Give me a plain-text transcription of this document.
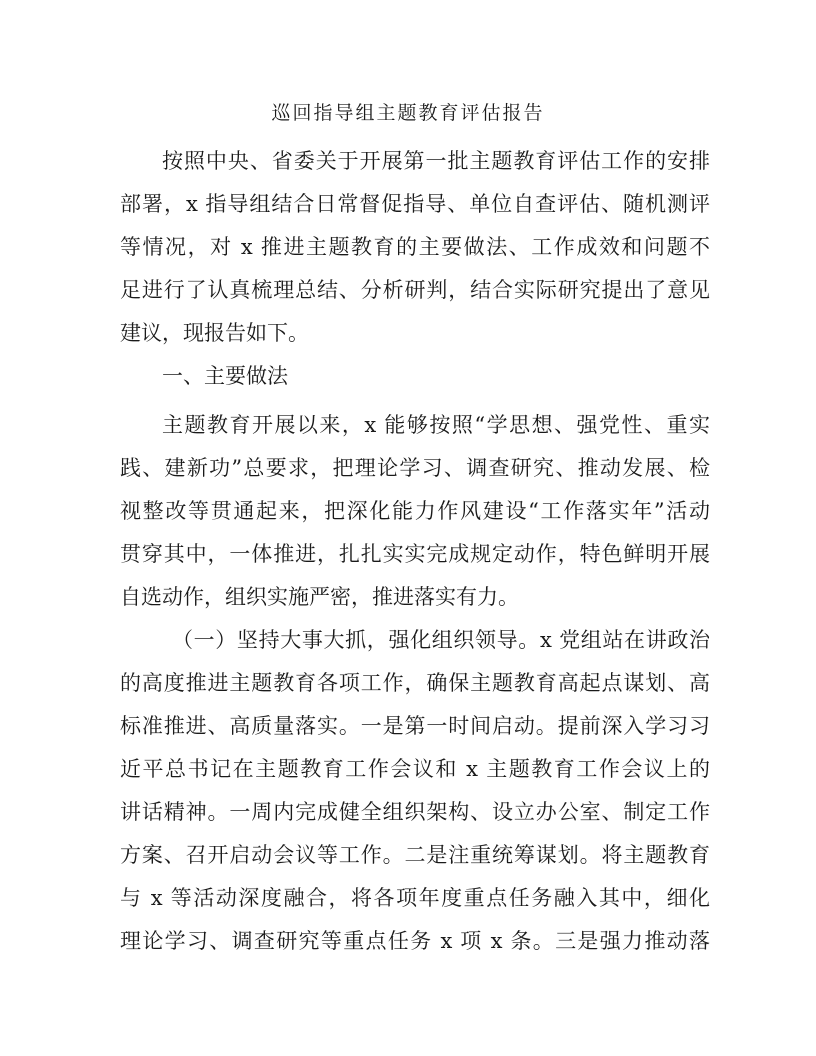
巡回指导组主题教育评估报告
按照中央、省委关于开展第一批主题教育评估工作的安排
部署，x 指导组结合日常督促指导、单位自查评估、随机测评
等情况，对 x 推进主题教育的主要做法、工作成效和问题不
足进行了认真梳理总结、分析研判，结合实际研究提出了意见
建议，现报告如下。
一、主要做法
主题教育开展以来，x 能够按照“学思想、强党性、重实
践、建新功”总要求，把理论学习、调查研究、推动发展、检
视整改等贯通起来，把深化能力作风建设“工作落实年”活动
贯穿其中，一体推进，扎扎实实完成规定动作，特色鲜明开展
自选动作，组织实施严密，推进落实有力。
（一）坚持大事大抓，强化组织领导。x 党组站在讲政治
的高度推进主题教育各项工作，确保主题教育高起点谋划、高
标准推进、高质量落实。一是第一时间启动。提前深入学习习
近平总书记在主题教育工作会议和 x 主题教育工作会议上的
讲话精神。一周内完成健全组织架构、设立办公室、制定工作
方案、召开启动会议等工作。二是注重统筹谋划。将主题教育
与 x 等活动深度融合，将各项年度重点任务融入其中，细化
理论学习、调查研究等重点任务 x 项 x 条。三是强力推动落
